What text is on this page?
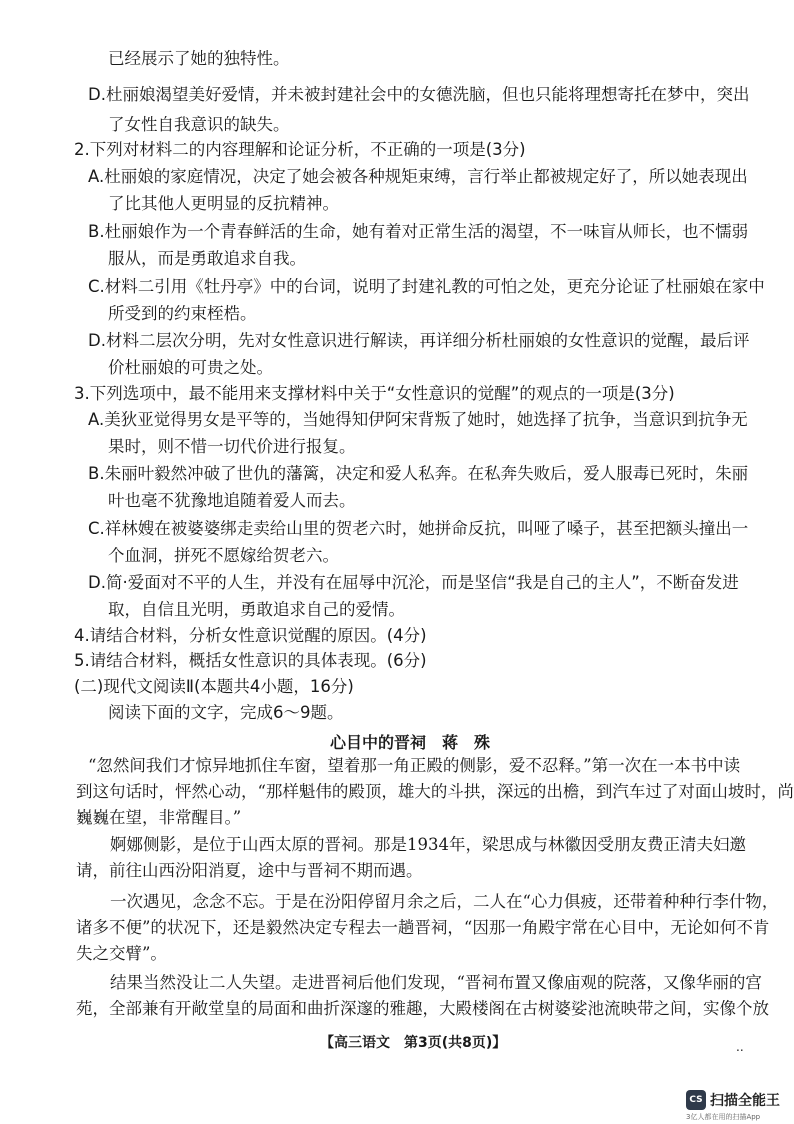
已经展示了她的独特性。
D.杜丽娘渴望美好爱情，并未被封建社会中的女德洗脑，但也只能将理想寄托在梦中，突出
了女性自我意识的缺失。
2.下列对材料二的内容理解和论证分析，不正确的一项是(3分)
A.杜丽娘的家庭情况，决定了她会被各种规矩束缚，言行举止都被规定好了，所以她表现出
了比其他人更明显的反抗精神。
B.杜丽娘作为一个青春鲜活的生命，她有着对正常生活的渴望，不一味盲从师长，也不懦弱
服从，而是勇敢追求自我。
C.材料二引用《牡丹亭》中的台词，说明了封建礼教的可怕之处，更充分论证了杜丽娘在家中
所受到的约束桎梏。
D.材料二层次分明，先对女性意识进行解读，再详细分析杜丽娘的女性意识的觉醒，最后评
价杜丽娘的可贵之处。
3.下列选项中，最不能用来支撑材料中关于“女性意识的觉醒”的观点的一项是(3分)
A.美狄亚觉得男女是平等的，当她得知伊阿宋背叛了她时，她选择了抗争，当意识到抗争无
果时，则不惜一切代价进行报复。
B.朱丽叶毅然冲破了世仇的藩篱，决定和爱人私奔。在私奔失败后，爱人服毒已死时，朱丽
叶也毫不犹豫地追随着爱人而去。
C.祥林嫂在被婆婆绑走卖给山里的贺老六时，她拼命反抗，叫哑了嗓子，甚至把额头撞出一
个血洞，拼死不愿嫁给贺老六。
D.简·爱面对不平的人生，并没有在屈辱中沉沦，而是坚信“我是自己的主人”，不断奋发进
取，自信且光明，勇敢追求自己的爱情。
4.请结合材料，分析女性意识觉醒的原因。(4分)
5.请结合材料，概括女性意识的具体表现。(6分)
(二)现代文阅读Ⅱ(本题共4小题，16分)
阅读下面的文字，完成6～9题。
“忽然间我们才惊异地抓住车窗，望着那一角正殿的侧影，爱不忍释。”第一次在一本书中读
到这句话时，怦然心动，“那样魁伟的殿顶，雄大的斗拱，深远的出檐，到汽车过了对面山坡时，尚
巍巍在望，非常醒目。”
婀娜侧影，是位于山西太原的晋祠。那是1934年，梁思成与林徽因受朋友费正清夫妇邀
请，前往山西汾阳消夏，途中与晋祠不期而遇。
一次遇见，念念不忘。于是在汾阳停留月余之后，二人在“心力俱疲，还带着种种行李什物，
诸多不便”的状况下，还是毅然决定专程去一趟晋祠，“因那一角殿宇常在心目中，无论如何不肯
失之交臂”。
结果当然没让二人失望。走进晋祠后他们发现，“晋祠布置又像庙观的院落，又像华丽的宫
苑，全部兼有开敞堂皇的局面和曲折深邃的雅趣，大殿楼阁在古树婆娑池流映带之间，实像个放
心目中的晋祠　蒋　殊
【高三语文　第3页(共8页)】	..
CS 扫描全能王
3亿人都在用的扫描App
